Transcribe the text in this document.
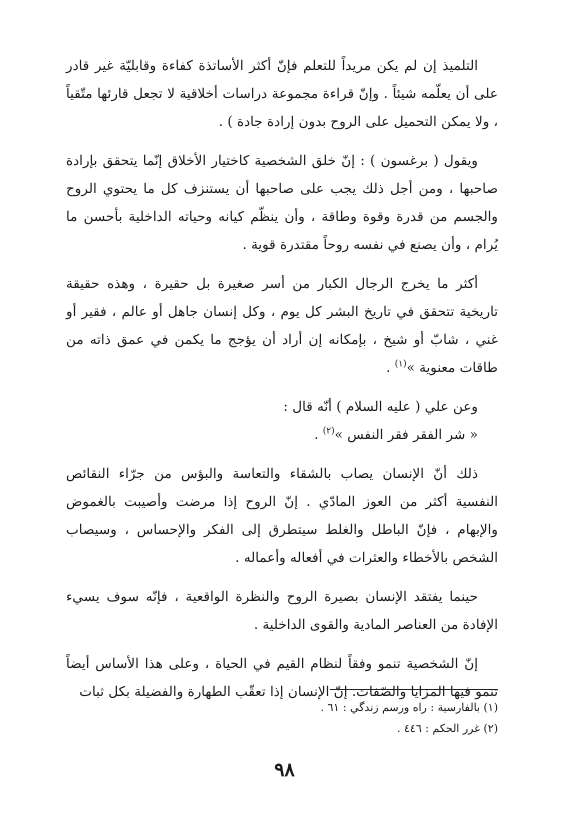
التلميذ إن لم يكن مريداً للتعلم فإنّ أكثر الأساتذة كفاءة وقابليّة غير قادر على أن يعلّمه شيئاً . وإنّ قراءة مجموعة دراسات أخلاقية لا تجعل قارئها متّقياً ، ولا يمكن التحميل على الروح بدون إرادة جادة ) .

ويقول ( برغسون ) : إنّ خلق الشخصية كاختيار الأخلاق إنّما يتحقق بإرادة صاحبها ، ومن أجل ذلك يجب على صاحبها أن يستنزف كل ما يحتوي الروح والجسم من قدرة وقوة وطاقة ، وأن ينظّم كيانه وحياته الداخلية بأحسن ما يُرام ، وأن يصنع في نفسه روحاً مقتدرة قوية .

أكثر ما يخرج الرجال الكبار من أسر صغيرة بل حقيرة ، وهذه حقيقة تاريخية تتحقق في تاريخ البشر كل يوم ، وكل إنسان جاهل أو عالم ، فقير أو غني ، شابّ أو شيخ ، بإمكانه إن أراد أن يؤجج ما يكمن في عمق ذاته من طاقات معنوية »$^{(١)}$ .

وعن علي ( عليه السلام ) أنّه قال :

« شر الفقر فقر النفس »$^{(٢)}$ .

ذلك أنّ الإنسان يصاب بالشقاء والتعاسة والبؤس من جرّاء النقائص النفسية أكثر من العوز المادّي . إنّ الروح إذا مرضت وأصيبت بالغموض والإبهام ، فإنّ الباطل والغلط سيتطرق إلى الفكر والإحساس ، وسيصاب الشخص بالأخطاء والعثرات في أفعاله وأعماله .

حينما يفتقد الإنسان بصيرة الروح والنظرة الواقعية ، فإنّه سوف يسيء الإفادة من العناصر المادية والقوى الداخلية .

إنّ الشخصية تنمو وفقاً لنظام القيم في الحياة ، وعلى هذا الأساس أيضاً تنمو فيها المزايا والصّفات. إنّ الإنسان إذا تعقّب الطهارة والفضيلة بكل ثبات

(١) بالفارسية : راه ورسم زندگي : ٦١ .
(٢) غرر الحكم : ٤٤٦ .
٩٨
